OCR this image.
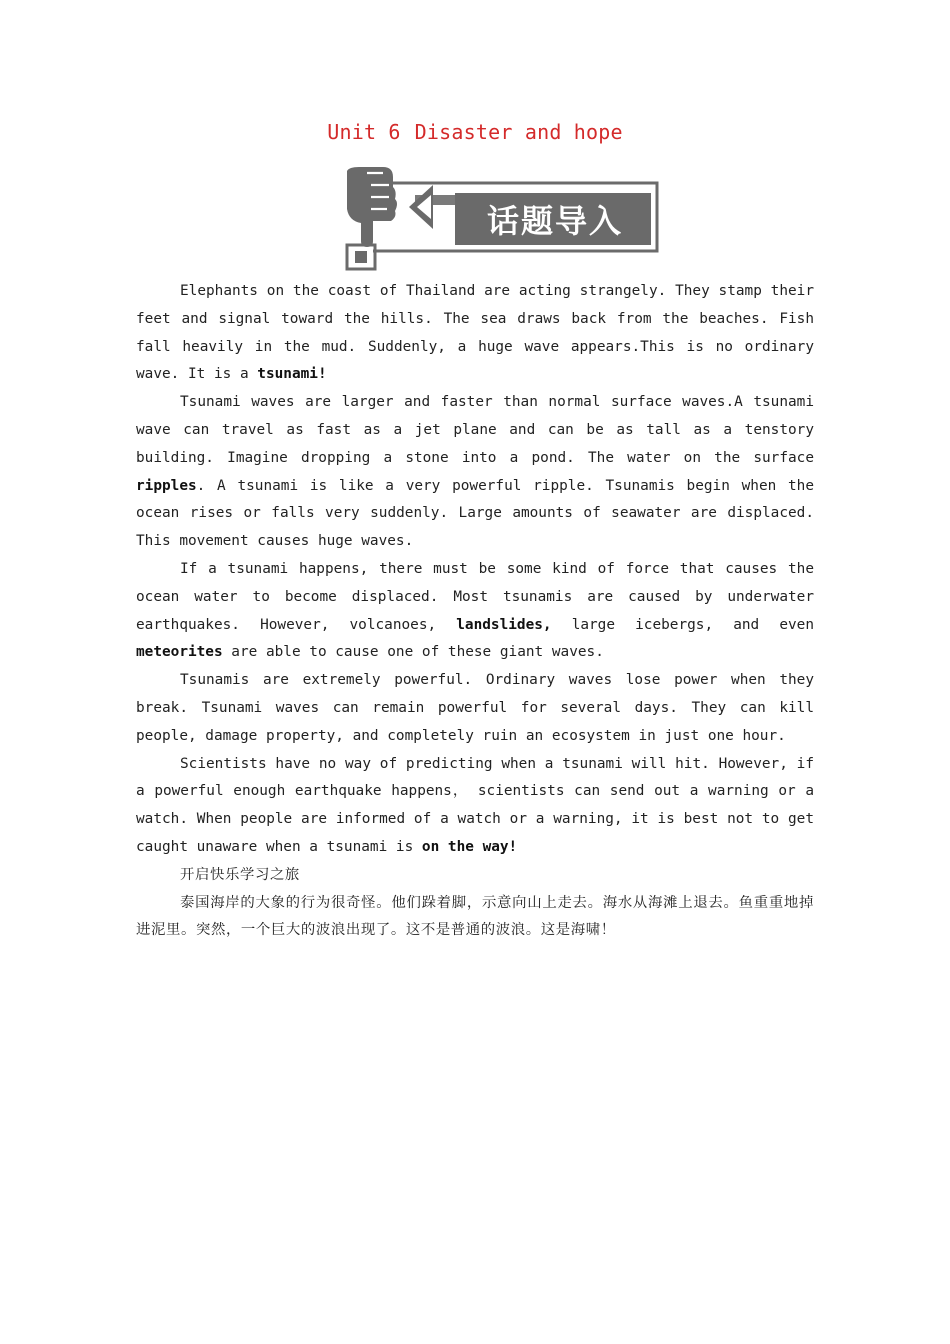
Unit 6 Disaster and hope
话题导入

Elephants on the coast of Thailand are acting strangely. They stamp their feet and signal toward the hills. The sea draws back from the beaches. Fish fall heavily in the mud. Suddenly, a huge wave appears.This is no ordinary wave. It is a tsunami!

Tsunami waves are larger and faster than normal surface waves.A tsunami wave can travel as fast as a jet plane and can be as tall as a tenstory building. Imagine dropping a stone into a pond. The water on the surface ripples. A tsunami is like a very powerful ripple. Tsunamis begin when the ocean rises or falls very suddenly. Large amounts of seawater are displaced. This movement causes huge waves.

If a tsunami happens, there must be some kind of force that causes the ocean water to become displaced. Most tsunamis are caused by underwater earthquakes. However, volcanoes, landslides, large icebergs, and even meteorites are able to cause one of these giant waves.

Tsunamis are extremely powerful. Ordinary waves lose power when they break. Tsunami waves can remain powerful for several days. They can kill people, damage property, and completely ruin an ecosystem in just one hour.

Scientists have no way of predicting when a tsunami will hit. However, if a powerful enough earthquake happens， scientists can send out a warning or a watch. When people are informed of a watch or a warning, it is best not to get caught unaware when a tsunami is on the way!

开启快乐学习之旅

泰国海岸的大象的行为很奇怪。他们跺着脚，示意向山上走去。海水从海滩上退去。鱼重重地掉进泥里。突然，一个巨大的波浪出现了。这不是普通的波浪。这是海啸！
